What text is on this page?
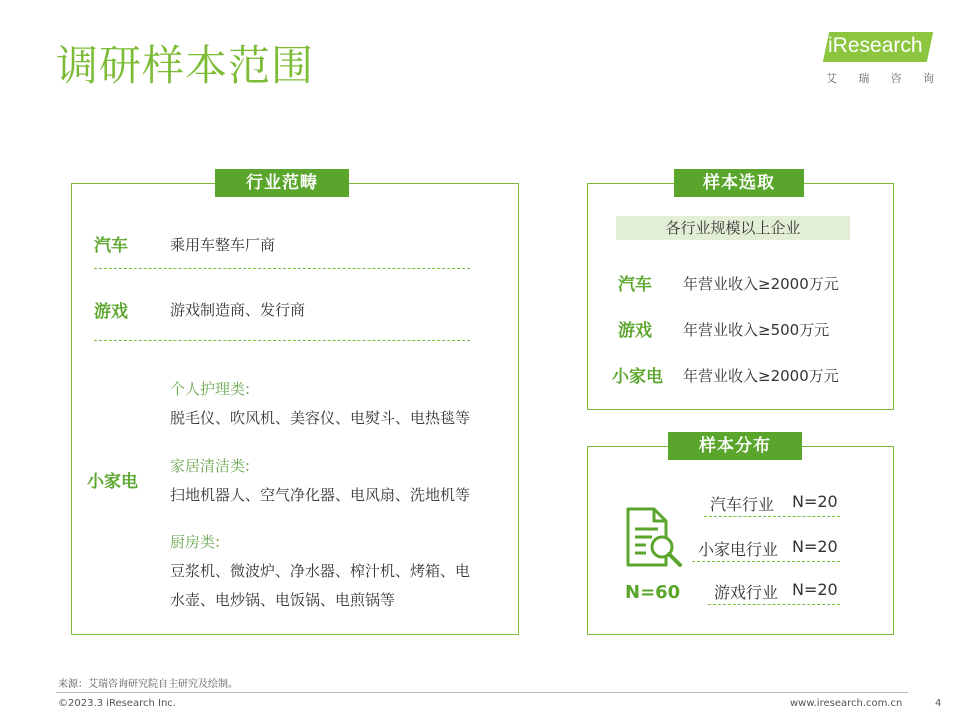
调研样本范围	iResearch
艾 瑞 咨 询
行业范畴
汽车	乘用车整车厂商
游戏	游戏制造商、发行商
小家电
个人护理类:
脱毛仪、吹风机、美容仪、电熨斗、电热毯等
家居清洁类:
扫地机器人、空气净化器、电风扇、洗地机等
厨房类:
豆浆机、微波炉、净水器、榨汁机、烤箱、电
水壶、电炒锅、电饭锅、电煎锅等
样本选取
各行业规模以上企业
汽车 年营业收入≥2000万元
游戏 年营业收入≥500万元
小家电 年营业收入≥2000万元
样本分布
N=60
汽车行业 N=20
小家电行业 N=20
游戏行业 N=20
来源：艾瑞咨询研究院自主研究及绘制。
©2023.3 iResearch Inc.	www.iresearch.com.cn	4
